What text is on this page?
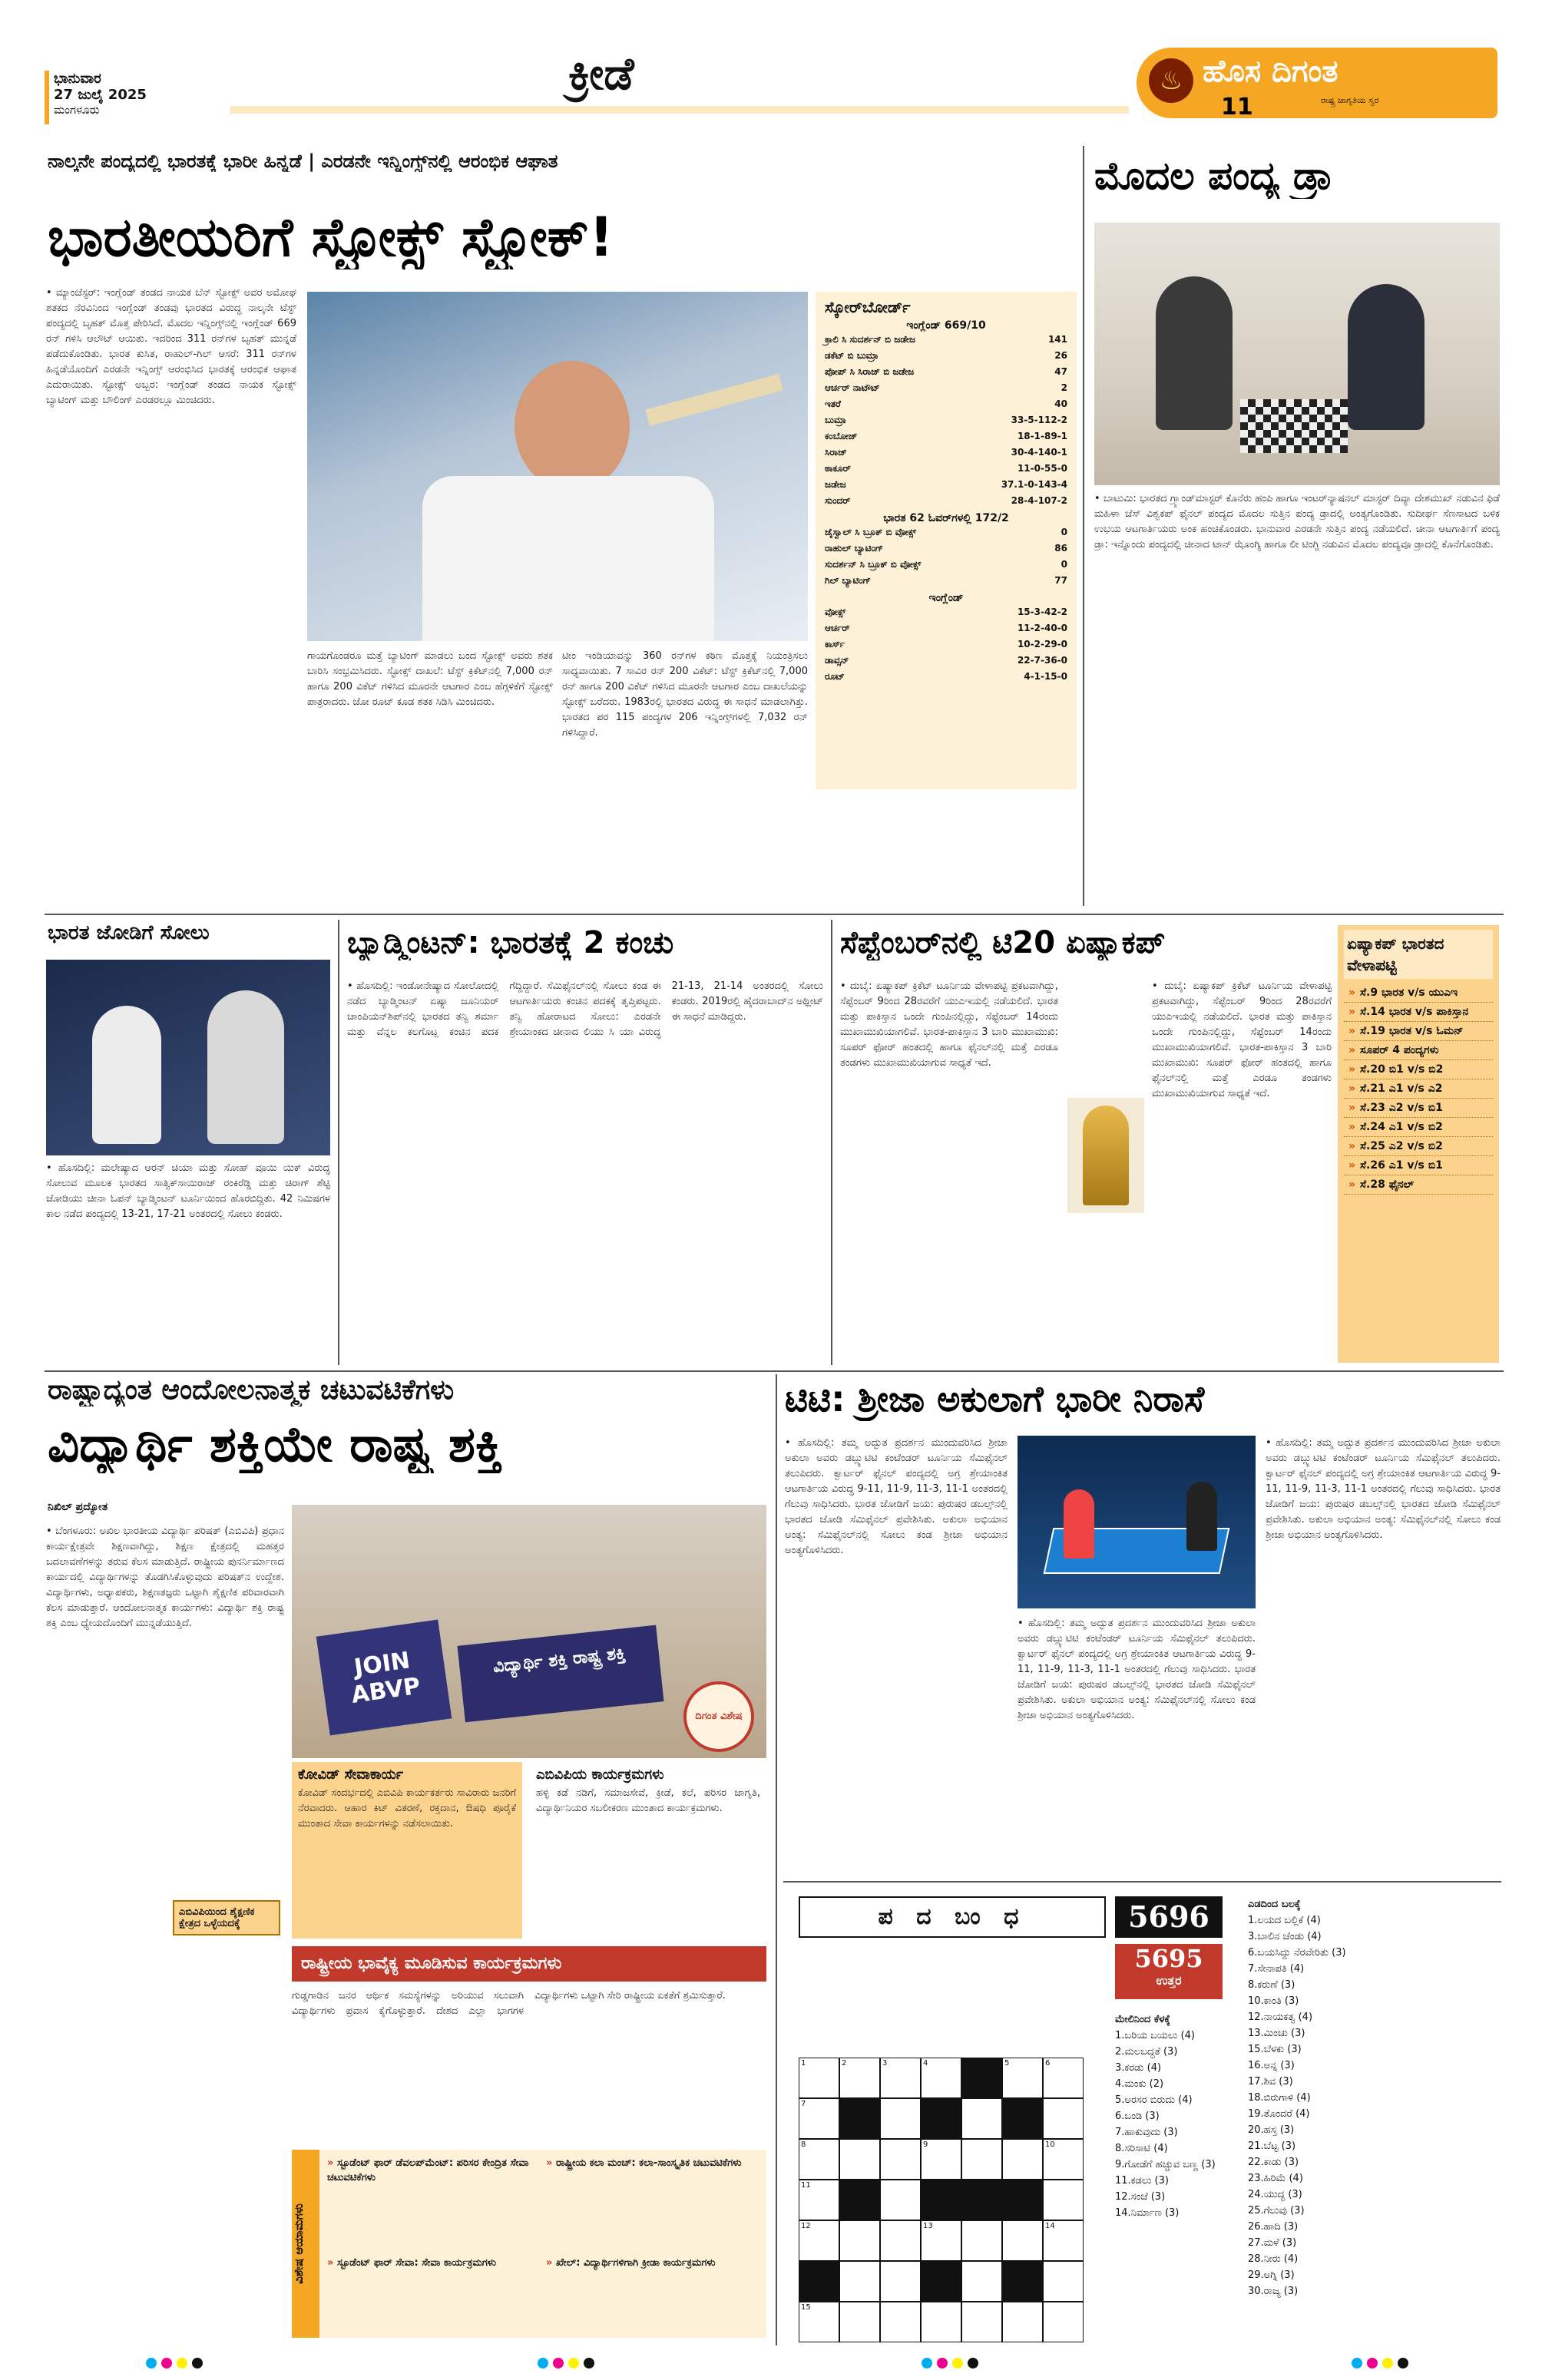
ಭಾನುವಾರ
27 ಜುಲೈ 2025
ಮಂಗಳೂರು
ಕ್ರೀಡೆ	♨ ಹೊಸ ದಿಗಂತ
ರಾಷ್ಟ್ರ ಜಾಗೃತಿಯ ಸ್ವರ
11
ನಾಲ್ಕನೇ ಪಂದ್ಯದಲ್ಲಿ ಭಾರತಕ್ಕೆ ಭಾರೀ ಹಿನ್ನಡೆ | ಎರಡನೇ ಇನ್ನಿಂಗ್ಸ್‌ನಲ್ಲಿ ಆರಂಭಿಕ ಆಘಾತ
ಭಾರತೀಯರಿಗೆ ಸ್ಟೋಕ್ಸ್ ಸ್ಟ್ರೋಕ್!
• ಮ್ಯಾಂಚೆಸ್ಟರ್: ಇಂಗ್ಲೆಂಡ್ ತಂಡದ ನಾಯಕ ಬೆನ್ ಸ್ಟೋಕ್ಸ್ ಅವರ ಅಮೋಘ ಶತಕದ ನೆರವಿನಿಂದ ಇಂಗ್ಲೆಂಡ್ ತಂಡವು ಭಾರತದ ವಿರುದ್ಧ ನಾಲ್ಕನೇ ಟೆಸ್ಟ್ ಪಂದ್ಯದಲ್ಲಿ ಬೃಹತ್ ಮೊತ್ತ ಪೇರಿಸಿದೆ. ಮೊದಲ ಇನ್ನಿಂಗ್ಸ್‌ನಲ್ಲಿ ಇಂಗ್ಲೆಂಡ್ 669 ರನ್ ಗಳಿಸಿ ಆಲೌಟ್ ಆಯಿತು. ಇದರಿಂದ 311 ರನ್‌ಗಳ ಬೃಹತ್ ಮುನ್ನಡೆ ಪಡೆದುಕೊಂಡಿತು. ಭಾರತ ಕುಸಿತ, ರಾಹುಲ್-ಗಿಲ್ ಆಸರೆ: 311 ರನ್‌ಗಳ ಹಿನ್ನಡೆಯೊಂದಿಗೆ ಎರಡನೇ ಇನ್ನಿಂಗ್ಸ್ ಆರಂಭಿಸಿದ ಭಾರತಕ್ಕೆ ಆರಂಭಿಕ ಆಘಾತ ಎದುರಾಯಿತು. ಸ್ಟೋಕ್ಸ್ ಅಬ್ಬರ: ಇಂಗ್ಲೆಂಡ್ ತಂಡದ ನಾಯಕ ಸ್ಟೋಕ್ಸ್ ಬ್ಯಾಟಿಂಗ್ ಮತ್ತು ಬೌಲಿಂಗ್ ಎರಡರಲ್ಲೂ ಮಿಂಚಿದರು.
ಗಾಯಗೊಂಡರೂ ಮತ್ತೆ ಬ್ಯಾಟಿಂಗ್ ಮಾಡಲು ಬಂದ ಸ್ಟೋಕ್ಸ್ ಅವರು ಶತಕ ಬಾರಿಸಿ ಸಂಭ್ರಮಿಸಿದರು. ಸ್ಟೋಕ್ಸ್ ದಾಖಲೆ: ಟೆಸ್ಟ್ ಕ್ರಿಕೆಟ್‌ನಲ್ಲಿ 7,000 ರನ್ ಹಾಗೂ 200 ವಿಕೆಟ್ ಗಳಿಸಿದ ಮೂರನೇ ಆಟಗಾರ ಎಂಬ ಹೆಗ್ಗಳಿಕೆಗೆ ಸ್ಟೋಕ್ಸ್ ಪಾತ್ರರಾದರು. ಜೋ ರೂಟ್ ಕೂಡ ಶತಕ ಸಿಡಿಸಿ ಮಿಂಚಿದರು.
ಟೀಂ ಇಂಡಿಯಾವನ್ನು 360 ರನ್‌ಗಳ ಕಠಿಣ ಮೊತ್ತಕ್ಕೆ ನಿಯಂತ್ರಿಸಲು ಸಾಧ್ಯವಾಯಿತು. 7 ಸಾವಿರ ರನ್ 200 ವಿಕೆಟ್: ಟೆಸ್ಟ್ ಕ್ರಿಕೆಟ್‌ನಲ್ಲಿ 7,000 ರನ್ ಹಾಗೂ 200 ವಿಕೆಟ್ ಗಳಿಸಿದ ಮೂರನೇ ಆಟಗಾರ ಎಂಬ ದಾಖಲೆಯನ್ನು ಸ್ಟೋಕ್ಸ್ ಬರೆದರು. 1983ರಲ್ಲಿ ಭಾರತದ ವಿರುದ್ಧ ಈ ಸಾಧನೆ ಮಾಡಲಾಗಿತ್ತು. ಭಾರತದ ಪರ 115 ಪಂದ್ಯಗಳ 206 ಇನ್ನಿಂಗ್ಸ್‌ಗಳಲ್ಲಿ 7,032 ರನ್ ಗಳಿಸಿದ್ದಾರೆ.
ಸ್ಕೋರ್‌ಬೋರ್ಡ್
ಇಂಗ್ಲೆಂಡ್ 669/10
ಕ್ರಾಲಿ ಸಿ ಸುದರ್ಶನ್ ಬಿ ಜಡೇಜ	141
ಡಕೆಟ್ ಬಿ ಬುಮ್ರಾ	26
ಪೋಪ್ ಸಿ ಸಿರಾಜ್ ಬಿ ಜಡೇಜ	47
ಆರ್ಚರ್ ನಾಟೌಟ್	2
ಇತರೆ	40
ಬುಮ್ರಾ	33-5-112-2
ಕಂಬೋಜ್	18-1-89-1
ಸಿರಾಜ್	30-4-140-1
ಠಾಕೂರ್	11-0-55-0
ಜಡೇಜ	37.1-0-143-4
ಸುಂದರ್	28-4-107-2
ಭಾರತ 62 ಓವರ್‌ಗಳಲ್ಲಿ 172/2
ಜೈಸ್ವಾಲ್ ಸಿ ಬ್ರೂಕ್ ಬಿ ವೋಕ್ಸ್	0
ರಾಹುಲ್ ಬ್ಯಾಟಿಂಗ್	86
ಸುದರ್ಶನ್ ಸಿ ಬ್ರೂಕ್ ಬಿ ವೋಕ್ಸ್	0
ಗಿಲ್ ಬ್ಯಾಟಿಂಗ್	77
ಇಂಗ್ಲೆಂಡ್
ವೋಕ್ಸ್	15-3-42-2
ಆರ್ಚರ್	11-2-40-0
ಕಾರ್ಸ್	10-2-29-0
ಡಾವ್ಸನ್	22-7-36-0
ರೂಟ್	4-1-15-0
ಮೊದಲ ಪಂದ್ಯ ಡ್ರಾ
• ಬಾಟುಮಿ: ಭಾರತದ ಗ್ರ್ಯಾಂಡ್‌ಮಾಸ್ಟರ್ ಕೊನೆರು ಹಂಪಿ ಹಾಗೂ ಇಂಟರ್‌ನ್ಯಾಷನಲ್ ಮಾಸ್ಟರ್ ದಿವ್ಯಾ ದೇಶಮುಖ್ ನಡುವಿನ ಫಿಡೆ ಮಹಿಳಾ ಚೆಸ್ ವಿಶ್ವಕಪ್ ಫೈನಲ್ ಪಂದ್ಯದ ಮೊದಲ ಸುತ್ತಿನ ಪಂದ್ಯ ಡ್ರಾದಲ್ಲಿ ಅಂತ್ಯಗೊಂಡಿತು. ಸುದೀರ್ಘ ಸೆಣಸಾಟದ ಬಳಿಕ ಉಭಯ ಆಟಗಾರ್ತಿಯರು ಅಂಕ ಹಂಚಿಕೊಂಡರು. ಭಾನುವಾರ ಎರಡನೇ ಸುತ್ತಿನ ಪಂದ್ಯ ನಡೆಯಲಿದೆ. ಚೀನಾ ಆಟಗಾರ್ತಿಗೆ ಪಂದ್ಯ ಡ್ರಾ: ಇನ್ನೊಂದು ಪಂದ್ಯದಲ್ಲಿ ಚೀನಾದ ಟಾನ್ ಝೊಂಗ್ಯಿ ಹಾಗೂ ಲೀ ಟಿಂಗ್ಜಿ ನಡುವಿನ ಮೊದಲ ಪಂದ್ಯವೂ ಡ್ರಾದಲ್ಲಿ ಕೊನೆಗೊಂಡಿತು.
ಭಾರತ ಜೋಡಿಗೆ ಸೋಲು
• ಹೊಸದಿಲ್ಲಿ: ಮಲೇಷ್ಯಾದ ಆರನ್ ಚಿಯಾ ಮತ್ತು ಸೋಹ್ ವೂಯಿ ಯಿಕ್ ವಿರುದ್ಧ ಸೋಲುವ ಮೂಲಕ ಭಾರತದ ಸಾತ್ವಿಕ್‌ಸಾಯಿರಾಜ್ ರಂಕಿರೆಡ್ಡಿ ಮತ್ತು ಚಿರಾಗ್ ಶೆಟ್ಟಿ ಜೋಡಿಯು ಚೀನಾ ಓಪನ್ ಬ್ಯಾಡ್ಮಿಂಟನ್ ಟೂರ್ನಿಯಿಂದ ಹೊರಬಿದ್ದಿತು. 42 ನಿಮಿಷಗಳ ಕಾಲ ನಡೆದ ಪಂದ್ಯದಲ್ಲಿ 13-21, 17-21 ಅಂತರದಲ್ಲಿ ಸೋಲು ಕಂಡರು.
ಬ್ಯಾಡ್ಮಿಂಟನ್: ಭಾರತಕ್ಕೆ 2 ಕಂಚು
• ಹೊಸದಿಲ್ಲಿ: ಇಂಡೋನೇಷ್ಯಾದ ಸೋಲೋದಲ್ಲಿ ನಡೆದ ಬ್ಯಾಡ್ಮಿಂಟನ್ ಏಷ್ಯಾ ಜೂನಿಯರ್ ಚಾಂಪಿಯನ್‌ಶಿಪ್‌ನಲ್ಲಿ ಭಾರತದ ತನ್ವಿ ಶರ್ಮಾ ಮತ್ತು ವೆನ್ನಲ ಕಲಗೊಟ್ಲ ಕಂಚಿನ ಪದಕ ಗೆದ್ದಿದ್ದಾರೆ. ಸೆಮಿಫೈನಲ್‌ನಲ್ಲಿ ಸೋಲು ಕಂಡ ಈ ಆಟಗಾರ್ತಿಯರು ಕಂಚಿನ ಪದಕಕ್ಕೆ ತೃಪ್ತಿಪಟ್ಟರು. ತನ್ವಿ ಹೋರಾಟದ ಸೋಲು: ಎರಡನೇ ಶ್ರೇಯಾಂಕದ ಚೀನಾದ ಲಿಯು ಸಿ ಯಾ ವಿರುದ್ಧ 21-13, 21-14 ಅಂತರದಲ್ಲಿ ಸೋಲು ಕಂಡರು. 2019ರಲ್ಲಿ ಹೈದರಾಬಾದ್‌ನ ಅಥ್ಲೀಟ್ ಈ ಸಾಧನೆ ಮಾಡಿದ್ದರು.
ಸೆಪ್ಟೆಂಬರ್‌ನಲ್ಲಿ ಟಿ20 ಏಷ್ಯಾಕಪ್
• ದುಬೈ: ಏಷ್ಯಾಕಪ್ ಕ್ರಿಕೆಟ್ ಟೂರ್ನಿಯ ವೇಳಾಪಟ್ಟಿ ಪ್ರಕಟವಾಗಿದ್ದು, ಸೆಪ್ಟೆಂಬರ್ 9ರಿಂದ 28ರವರೆಗೆ ಯುಎಇಯಲ್ಲಿ ನಡೆಯಲಿದೆ. ಭಾರತ ಮತ್ತು ಪಾಕಿಸ್ತಾನ ಒಂದೇ ಗುಂಪಿನಲ್ಲಿದ್ದು, ಸೆಪ್ಟೆಂಬರ್ 14ರಂದು ಮುಖಾಮುಖಿಯಾಗಲಿವೆ. ಭಾರತ-ಪಾಕಿಸ್ತಾನ 3 ಬಾರಿ ಮುಖಾಮುಖಿ: ಸೂಪರ್ ಫೋರ್ ಹಂತದಲ್ಲಿ ಹಾಗೂ ಫೈನಲ್‌ನಲ್ಲಿ ಮತ್ತೆ ಎರಡೂ ತಂಡಗಳು ಮುಖಾಮುಖಿಯಾಗುವ ಸಾಧ್ಯತೆ ಇದೆ.
• ದುಬೈ: ಏಷ್ಯಾಕಪ್ ಕ್ರಿಕೆಟ್ ಟೂರ್ನಿಯ ವೇಳಾಪಟ್ಟಿ ಪ್ರಕಟವಾಗಿದ್ದು, ಸೆಪ್ಟೆಂಬರ್ 9ರಿಂದ 28ರವರೆಗೆ ಯುಎಇಯಲ್ಲಿ ನಡೆಯಲಿದೆ. ಭಾರತ ಮತ್ತು ಪಾಕಿಸ್ತಾನ ಒಂದೇ ಗುಂಪಿನಲ್ಲಿದ್ದು, ಸೆಪ್ಟೆಂಬರ್ 14ರಂದು ಮುಖಾಮುಖಿಯಾಗಲಿವೆ. ಭಾರತ-ಪಾಕಿಸ್ತಾನ 3 ಬಾರಿ ಮುಖಾಮುಖಿ: ಸೂಪರ್ ಫೋರ್ ಹಂತದಲ್ಲಿ ಹಾಗೂ ಫೈನಲ್‌ನಲ್ಲಿ ಮತ್ತೆ ಎರಡೂ ತಂಡಗಳು ಮುಖಾಮುಖಿಯಾಗುವ ಸಾಧ್ಯತೆ ಇದೆ.
ಏಷ್ಯಾಕಪ್ ಭಾರತದ ವೇಳಾಪಟ್ಟಿ
» ಸೆ.9 ಭಾರತ v/s ಯುಎಇ
» ಸೆ.14 ಭಾರತ v/s ಪಾಕಿಸ್ತಾನ
» ಸೆ.19 ಭಾರತ v/s ಓಮನ್
» ಸೂಪರ್ 4 ಪಂದ್ಯಗಳು
» ಸೆ.20 ಬಿ1 v/s ಬಿ2
» ಸೆ.21 ಎ1 v/s ಎ2
» ಸೆ.23 ಎ2 v/s ಬಿ1
» ಸೆ.24 ಎ1 v/s ಬಿ2
» ಸೆ.25 ಎ2 v/s ಬಿ2
» ಸೆ.26 ಎ1 v/s ಬಿ1
» ಸೆ.28 ಫೈನಲ್
ರಾಷ್ಟ್ರಾದ್ಯಂತ ಆಂದೋಲನಾತ್ಮಕ ಚಟುವಟಿಕೆಗಳು
ವಿದ್ಯಾರ್ಥಿ ಶಕ್ತಿಯೇ ರಾಷ್ಟ್ರ ಶಕ್ತಿ
ನಿಖಿಲ್ ಪ್ರದ್ಯೋತ
• ಬೆಂಗಳೂರು: ಅಖಿಲ ಭಾರತೀಯ ವಿದ್ಯಾರ್ಥಿ ಪರಿಷತ್ (ಎಬಿವಿಪಿ) ಪ್ರಧಾನ ಕಾರ್ಯಕ್ಷೇತ್ರವೇ ಶಿಕ್ಷಣವಾಗಿದ್ದು, ಶಿಕ್ಷಣ ಕ್ಷೇತ್ರದಲ್ಲಿ ಮಹತ್ತರ ಬದಲಾವಣೆಗಳನ್ನು ತರುವ ಕೆಲಸ ಮಾಡುತ್ತಿದೆ. ರಾಷ್ಟ್ರೀಯ ಪುನರ್ನಿರ್ಮಾಣದ ಕಾರ್ಯದಲ್ಲಿ ವಿದ್ಯಾರ್ಥಿಗಳನ್ನು ತೊಡಗಿಸಿಕೊಳ್ಳುವುದು ಪರಿಷತ್‌ನ ಉದ್ದೇಶ. ವಿದ್ಯಾರ್ಥಿಗಳು, ಅಧ್ಯಾಪಕರು, ಶಿಕ್ಷಣತಜ್ಞರು ಒಟ್ಟಾಗಿ ಶೈಕ್ಷಣಿಕ ಪರಿವಾರವಾಗಿ ಕೆಲಸ ಮಾಡುತ್ತಾರೆ. ಆಂದೋಲನಾತ್ಮಕ ಕಾರ್ಯಗಳು: ವಿದ್ಯಾರ್ಥಿ ಶಕ್ತಿ ರಾಷ್ಟ್ರ ಶಕ್ತಿ ಎಂಬ ಧ್ಯೇಯದೊಂದಿಗೆ ಮುನ್ನಡೆಯುತ್ತಿದೆ.
ಎಬಿವಿಪಿಯಿಂದ ಶೈಕ್ಷಣಿಕ ಕ್ಷೇತ್ರದ ಒಳ್ಳೆಯದಕ್ಕೆ
JOIN ABVP
ವಿದ್ಯಾರ್ಥಿ ಶಕ್ತಿ ರಾಷ್ಟ್ರ ಶಕ್ತಿ
ದಿಗಂತ ವಿಶೇಷ
ಕೋವಿಡ್ ಸೇವಾಕಾರ್ಯ
ಕೋವಿಡ್ ಸಂದರ್ಭದಲ್ಲಿ ಎಬಿವಿಪಿ ಕಾರ್ಯಕರ್ತರು ಸಾವಿರಾರು ಜನರಿಗೆ ನೆರವಾದರು. ಆಹಾರ ಕಿಟ್ ವಿತರಣೆ, ರಕ್ತದಾನ, ಔಷಧಿ ಪೂರೈಕೆ ಮುಂತಾದ ಸೇವಾ ಕಾರ್ಯಗಳನ್ನು ನಡೆಸಲಾಯಿತು.
ಎಬಿವಿಪಿಯ ಕಾರ್ಯಕ್ರಮಗಳು
ಹಳ್ಳಿ ಕಡೆ ನಡಿಗೆ, ಸಮಾಜಸೇವೆ, ಕ್ರೀಡೆ, ಕಲೆ, ಪರಿಸರ ಜಾಗೃತಿ, ವಿದ್ಯಾರ್ಥಿನಿಯರ ಸಬಲೀಕರಣ ಮುಂತಾದ ಕಾರ್ಯಕ್ರಮಗಳು.
ರಾಷ್ಟ್ರೀಯ ಭಾವೈಕ್ಯ ಮೂಡಿಸುವ ಕಾರ್ಯಕ್ರಮಗಳು
ಗುಡ್ಡಗಾಡಿನ ಜನರ ಆರ್ಥಿಕ ಸಮಸ್ಯೆಗಳನ್ನು ಅರಿಯುವ ಸಲುವಾಗಿ ವಿದ್ಯಾರ್ಥಿಗಳು ಪ್ರವಾಸ ಕೈಗೊಳ್ಳುತ್ತಾರೆ. ದೇಶದ ಎಲ್ಲಾ ಭಾಗಗಳ ವಿದ್ಯಾರ್ಥಿಗಳು ಒಟ್ಟಾಗಿ ಸೇರಿ ರಾಷ್ಟ್ರೀಯ ಏಕತೆಗೆ ಶ್ರಮಿಸುತ್ತಾರೆ.
ವಿಶೇಷ ಆಯಾಮಗಳು
» ಸ್ಟೂಡೆಂಟ್ ಫಾರ್ ಡೆವಲಪ್‌ಮೆಂಟ್: ಪರಿಸರ ಕೇಂದ್ರಿತ ಸೇವಾ ಚಟುವಟಿಕೆಗಳು
» ರಾಷ್ಟ್ರೀಯ ಕಲಾ ಮಂಚ್: ಕಲಾ-ಸಾಂಸ್ಕೃತಿಕ ಚಟುವಟಿಕೆಗಳು
» ಸ್ಟೂಡೆಂಟ್ ಫಾರ್ ಸೇವಾ: ಸೇವಾ ಕಾರ್ಯಕ್ರಮಗಳು	» ಖೇಲ್: ವಿದ್ಯಾರ್ಥಿಗಳಿಗಾಗಿ ಕ್ರೀಡಾ ಕಾರ್ಯಕ್ರಮಗಳು
ಟಿಟಿ: ಶ್ರೀಜಾ ಅಕುಲಾಗೆ ಭಾರೀ ನಿರಾಸೆ
• ಹೊಸದಿಲ್ಲಿ: ತಮ್ಮ ಅದ್ಭುತ ಪ್ರದರ್ಶನ ಮುಂದುವರಿಸಿದ ಶ್ರೀಜಾ ಅಕುಲಾ ಅವರು ಡಬ್ಲ್ಯುಟಿಟಿ ಕಂಟೆಂಡರ್ ಟೂರ್ನಿಯ ಸೆಮಿಫೈನಲ್ ತಲುಪಿದರು. ಕ್ವಾರ್ಟರ್ ಫೈನಲ್ ಪಂದ್ಯದಲ್ಲಿ ಅಗ್ರ ಶ್ರೇಯಾಂಕಿತ ಆಟಗಾರ್ತಿಯ ವಿರುದ್ಧ 9-11, 11-9, 11-3, 11-1 ಅಂತರದಲ್ಲಿ ಗೆಲುವು ಸಾಧಿಸಿದರು. ಭಾರತ ಜೋಡಿಗೆ ಜಯ: ಪುರುಷರ ಡಬಲ್ಸ್‌ನಲ್ಲಿ ಭಾರತದ ಜೋಡಿ ಸೆಮಿಫೈನಲ್ ಪ್ರವೇಶಿಸಿತು. ಅಕುಲಾ ಅಭಿಯಾನ ಅಂತ್ಯ: ಸೆಮಿಫೈನಲ್‌ನಲ್ಲಿ ಸೋಲು ಕಂಡ ಶ್ರೀಜಾ ಅಭಿಯಾನ ಅಂತ್ಯಗೊಳಿಸಿದರು.
• ಹೊಸದಿಲ್ಲಿ: ತಮ್ಮ ಅದ್ಭುತ ಪ್ರದರ್ಶನ ಮುಂದುವರಿಸಿದ ಶ್ರೀಜಾ ಅಕುಲಾ ಅವರು ಡಬ್ಲ್ಯುಟಿಟಿ ಕಂಟೆಂಡರ್ ಟೂರ್ನಿಯ ಸೆಮಿಫೈನಲ್ ತಲುಪಿದರು. ಕ್ವಾರ್ಟರ್ ಫೈನಲ್ ಪಂದ್ಯದಲ್ಲಿ ಅಗ್ರ ಶ್ರೇಯಾಂಕಿತ ಆಟಗಾರ್ತಿಯ ವಿರುದ್ಧ 9-11, 11-9, 11-3, 11-1 ಅಂತರದಲ್ಲಿ ಗೆಲುವು ಸಾಧಿಸಿದರು. ಭಾರತ ಜೋಡಿಗೆ ಜಯ: ಪುರುಷರ ಡಬಲ್ಸ್‌ನಲ್ಲಿ ಭಾರತದ ಜೋಡಿ ಸೆಮಿಫೈನಲ್ ಪ್ರವೇಶಿಸಿತು. ಅಕುಲಾ ಅಭಿಯಾನ ಅಂತ್ಯ: ಸೆಮಿಫೈನಲ್‌ನಲ್ಲಿ ಸೋಲು ಕಂಡ ಶ್ರೀಜಾ ಅಭಿಯಾನ ಅಂತ್ಯಗೊಳಿಸಿದರು.
• ಹೊಸದಿಲ್ಲಿ: ತಮ್ಮ ಅದ್ಭುತ ಪ್ರದರ್ಶನ ಮುಂದುವರಿಸಿದ ಶ್ರೀಜಾ ಅಕುಲಾ ಅವರು ಡಬ್ಲ್ಯುಟಿಟಿ ಕಂಟೆಂಡರ್ ಟೂರ್ನಿಯ ಸೆಮಿಫೈನಲ್ ತಲುಪಿದರು. ಕ್ವಾರ್ಟರ್ ಫೈನಲ್ ಪಂದ್ಯದಲ್ಲಿ ಅಗ್ರ ಶ್ರೇಯಾಂಕಿತ ಆಟಗಾರ್ತಿಯ ವಿರುದ್ಧ 9-11, 11-9, 11-3, 11-1 ಅಂತರದಲ್ಲಿ ಗೆಲುವು ಸಾಧಿಸಿದರು. ಭಾರತ ಜೋಡಿಗೆ ಜಯ: ಪುರುಷರ ಡಬಲ್ಸ್‌ನಲ್ಲಿ ಭಾರತದ ಜೋಡಿ ಸೆಮಿಫೈನಲ್ ಪ್ರವೇಶಿಸಿತು. ಅಕುಲಾ ಅಭಿಯಾನ ಅಂತ್ಯ: ಸೆಮಿಫೈನಲ್‌ನಲ್ಲಿ ಸೋಲು ಕಂಡ ಶ್ರೀಜಾ ಅಭಿಯಾನ ಅಂತ್ಯಗೊಳಿಸಿದರು.
ಪ ದ ಬಂ ಧ	5696
1	2	3	4	5	6
7
8	9	10
11
12	13	14
15
5695
ಉತ್ತರ
ಮೇಲಿನಿಂದ ಕೆಳಕ್ಕೆ
1.ಬರಿಯ ಬಯಲು (4)
2.ಮಲಬದ್ಧತೆ (3)
3.ಕರಡು (4)
4.ಮಂಕು (2)
5.ಅರಸರ ಬಿರುದು (4)
6.ಬಂಡಿ (3)
7.ಹಾಕುವುದು (3)
8.ಸರಿಸಾಟಿ (4)
9.ಗೋಡೆಗೆ ಹಚ್ಚುವ ಬಣ್ಣ (3)
11.ಕಡಲು (3)
12.ಸಂಜೆ (3)
14.ನಿರ್ಮಾಣ (3)
ಎಡದಿಂದ ಬಲಕ್ಕೆ
1.ಲಯದ ಬಲ್ಲಿಕೆ (4)
3.ಬಾಲಿನ ಚೆಂಡು (4)
6.ಬಯಸಿದ್ದು ನೆರವೇರಿತು (3)
7.ಸೇನಾಪತಿ (4)
8.ಕರುಣೆ (3)
10.ಕಾಂತಿ (3)
12.ನಾಯಕತ್ವ (4)
13.ಮಿಂಚು (3)
15.ಬೆಳಕು (3)
16.ಅನ್ನ (3)
17.ಶಿವ (3)
18.ಬಿರುಗಾಳಿ (4)
19.ತೊಂದರೆ (4)
20.ಹಸ್ತ (3)
21.ಬೆಟ್ಟ (3)
22.ಕಾಡು (3)
23.ಹಿರಿಮೆ (4)
24.ಯುದ್ಧ (3)
25.ಗೆಲುವು (3)
26.ಹಾದಿ (3)
27.ಮಳೆ (3)
28.ನೀರು (4)
29.ಅಗ್ನಿ (3)
30.ರಾಜ್ಯ (3)
